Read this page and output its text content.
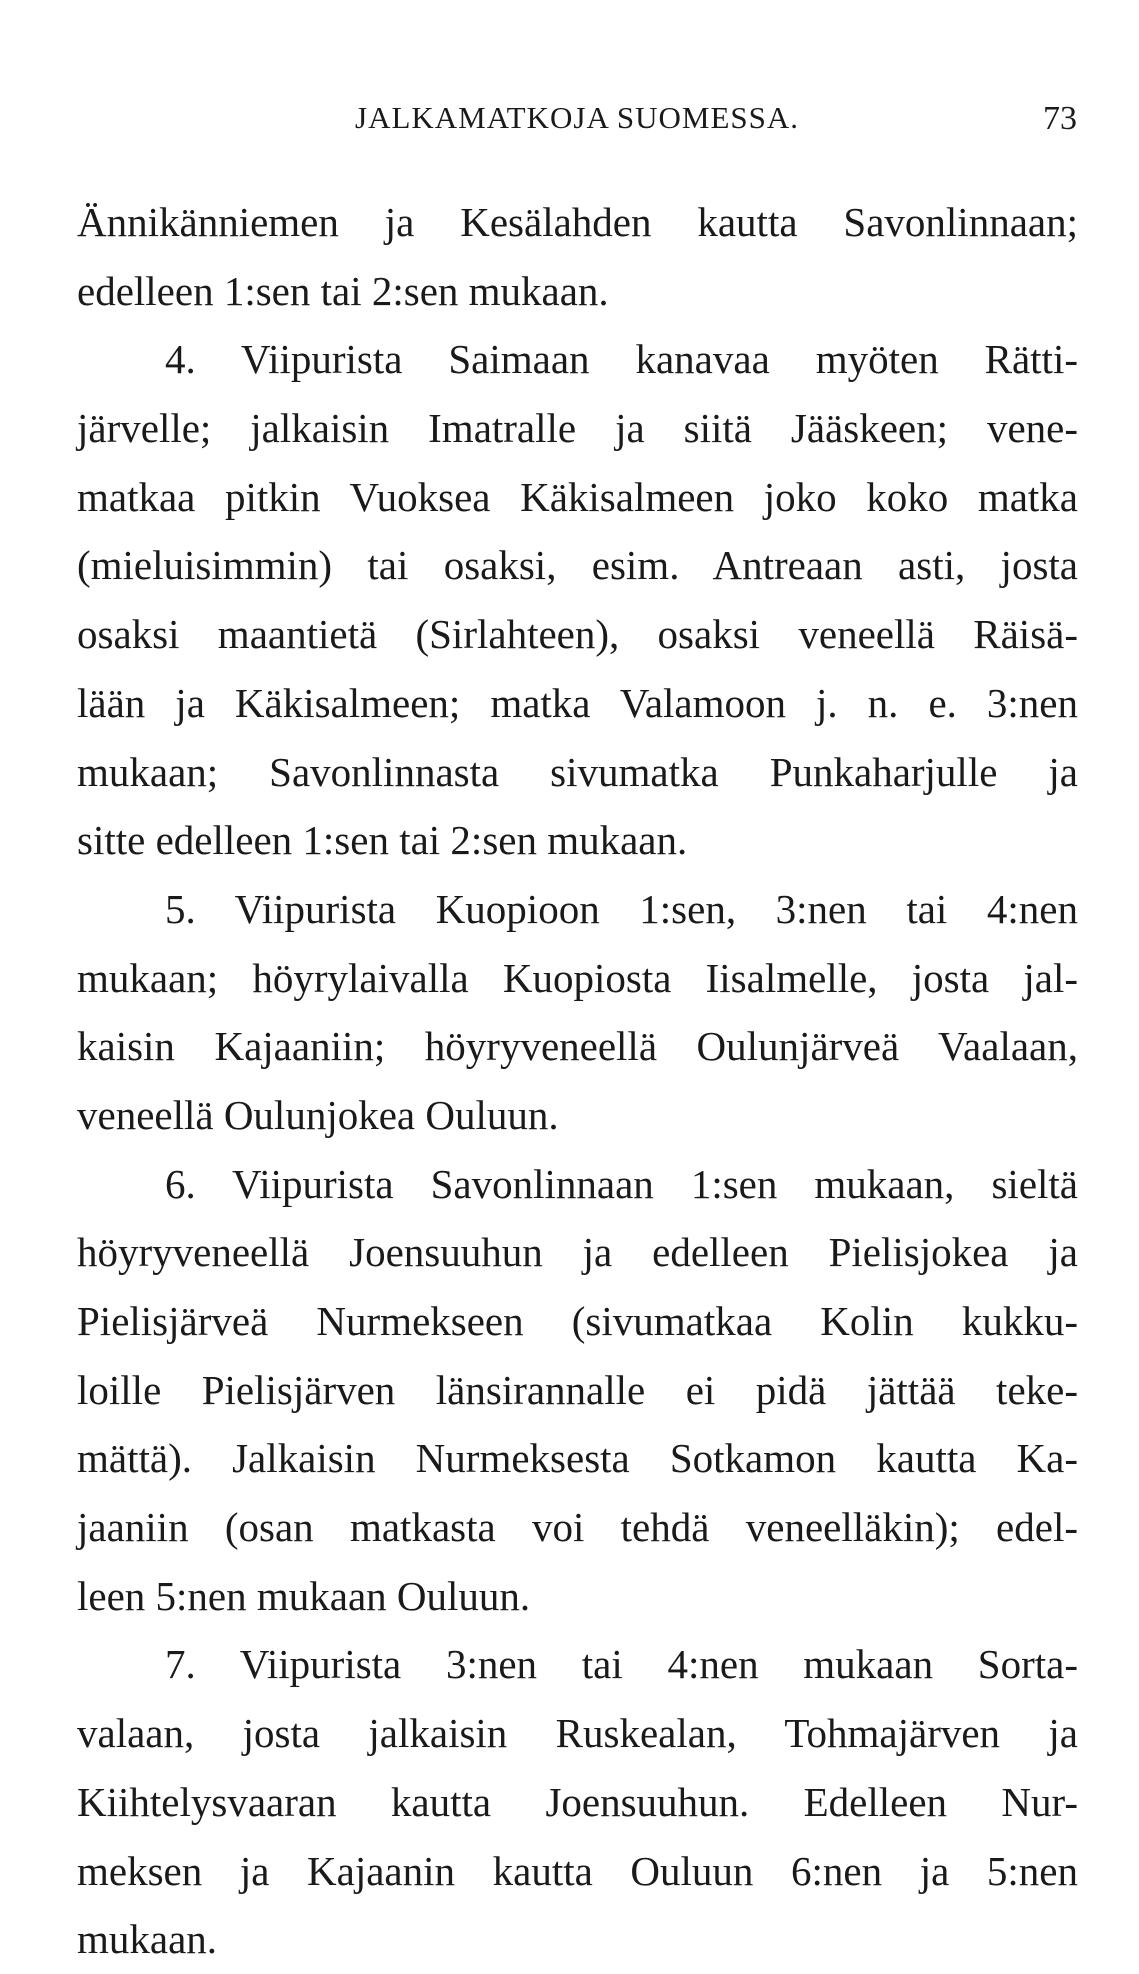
JALKAMATKOJA SUOMESSA.	73
Ännikänniemen ja Kesälahden kautta Savonlinnaan;
edelleen 1:sen tai 2:sen mukaan.
4. Viipurista Saimaan kanavaa myöten Rätti-
järvelle; jalkaisin Imatralle ja siitä Jääskeen; vene-
matkaa pitkin Vuoksea Käkisalmeen joko koko matka
(mieluisimmin) tai osaksi, esim. Antreaan asti, josta
osaksi maantietä (Sirlahteen), osaksi veneellä Räisä-
lään ja Käkisalmeen; matka Valamoon j. n. e. 3:nen
mukaan; Savonlinnasta sivumatka Punkaharjulle ja
sitte edelleen 1:sen tai 2:sen mukaan.
5. Viipurista Kuopioon 1:sen, 3:nen tai 4:nen
mukaan; höyrylaivalla Kuopiosta Iisalmelle, josta jal-
kaisin Kajaaniin; höyryveneellä Oulunjärveä Vaalaan,
veneellä Oulunjokea Ouluun.
6. Viipurista Savonlinnaan 1:sen mukaan, sieltä
höyryveneellä Joensuuhun ja edelleen Pielisjokea ja
Pielisjärveä Nurmekseen (sivumatkaa Kolin kukku-
loille Pielisjärven länsirannalle ei pidä jättää teke-
mättä). Jalkaisin Nurmeksesta Sotkamon kautta Ka-
jaaniin (osan matkasta voi tehdä veneelläkin); edel-
leen 5:nen mukaan Ouluun.
7. Viipurista 3:nen tai 4:nen mukaan Sorta-
valaan, josta jalkaisin Ruskealan, Tohmajärven ja
Kiihtelysvaaran kautta Joensuuhun. Edelleen Nur-
meksen ja Kajaanin kautta Ouluun 6:nen ja 5:nen
mukaan.
